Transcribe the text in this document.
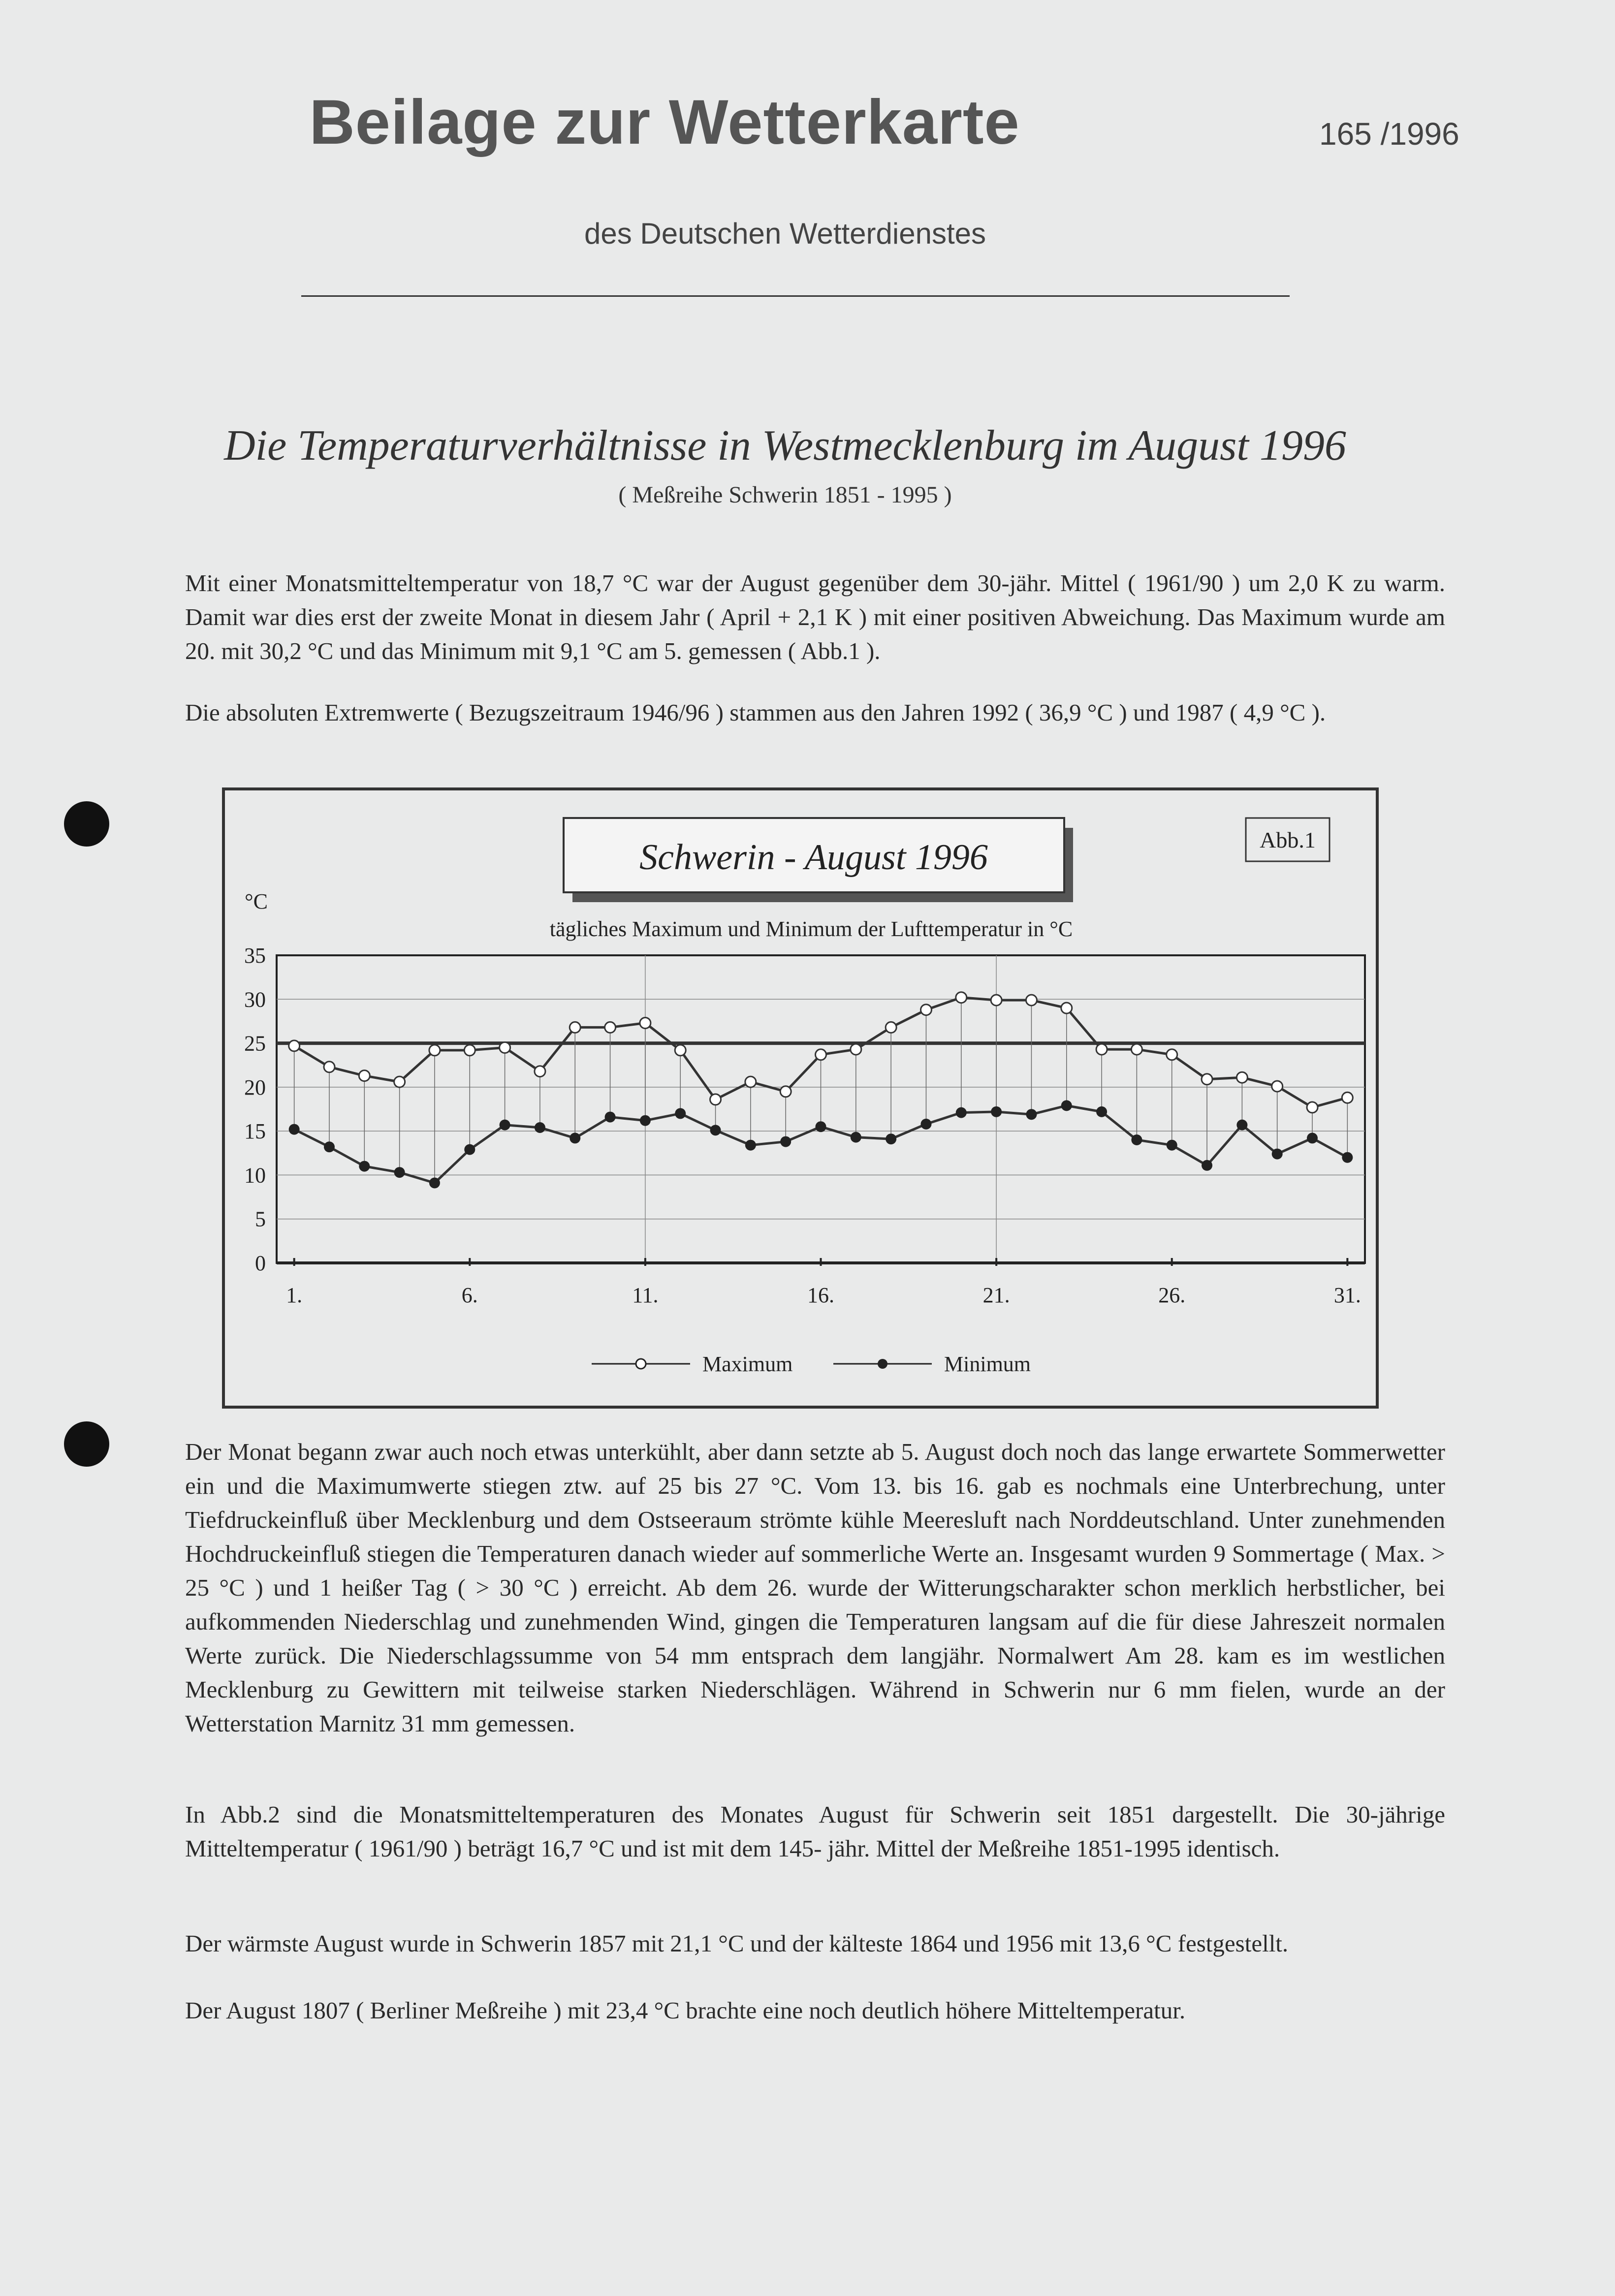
Beilage zur Wetterkarte	165 /1996
des Deutschen Wetterdienstes
Die Temperaturverhältnisse in Westmecklenburg im August 1996
( Meßreihe Schwerin 1851 - 1995 )

Mit einer Monatsmitteltemperatur von 18,7 °C war der August gegenüber dem 30-jähr. Mittel ( 1961/90 ) um 2,0 K zu warm. Damit war dies erst der zweite Monat in diesem Jahr ( April + 2,1 K ) mit einer positiven Abweichung. Das Maximum wurde am 20. mit 30,2 °C und das Minimum mit 9,1 °C am 5. gemessen ( Abb.1 ).

Die absoluten Extremwerte ( Bezugszeitraum 1946/96 ) stammen aus den Jahren 1992 ( 36,9 °C ) und 1987 ( 4,9 °C ).

Schwerin - August 1996	Abb.1
°C
tägliches Maximum und Minimum der Lufttemperatur in °C
0
5
10
15
20
25
30
35
1.	6.	11.	16.	21.	26.	31.
Maximum	Minimum

Der Monat begann zwar auch noch etwas unterkühlt, aber dann setzte ab 5. August doch noch das lange erwartete Sommerwetter ein und die Maximumwerte stiegen ztw. auf 25 bis 27 °C. Vom 13. bis 16. gab es nochmals eine Unterbrechung, unter Tiefdruckeinfluß über Mecklenburg und dem Ostseeraum strömte kühle Meeresluft nach Norddeutschland. Unter zunehmenden Hochdruckeinfluß stiegen die Temperaturen danach wieder auf sommerliche Werte an. Insgesamt wurden 9 Sommertage ( Max. > 25 °C ) und 1 heißer Tag ( > 30 °C ) erreicht. Ab dem 26. wurde der Witterungscharakter schon merklich herbstlicher, bei aufkommenden Niederschlag und zunehmenden Wind, gingen die Temperaturen langsam auf die für diese Jahreszeit normalen Werte zurück. Die Niederschlagssumme von 54 mm entsprach dem langjähr. Normalwert Am 28. kam es im westlichen Mecklenburg zu Gewittern mit teilweise starken Niederschlägen. Während in Schwerin nur 6 mm fielen, wurde an der Wetterstation Marnitz 31 mm gemessen.

In Abb.2 sind die Monatsmitteltemperaturen des Monates August für Schwerin seit 1851 dargestellt. Die 30-jährige Mitteltemperatur ( 1961/90 ) beträgt 16,7 °C und ist mit dem 145- jähr. Mittel der Meßreihe 1851-1995 identisch.

Der wärmste August wurde in Schwerin 1857 mit 21,1 °C und der kälteste 1864 und 1956 mit 13,6 °C festgestellt.

Der August 1807 ( Berliner Meßreihe ) mit 23,4 °C brachte eine noch deutlich höhere Mitteltemperatur.
